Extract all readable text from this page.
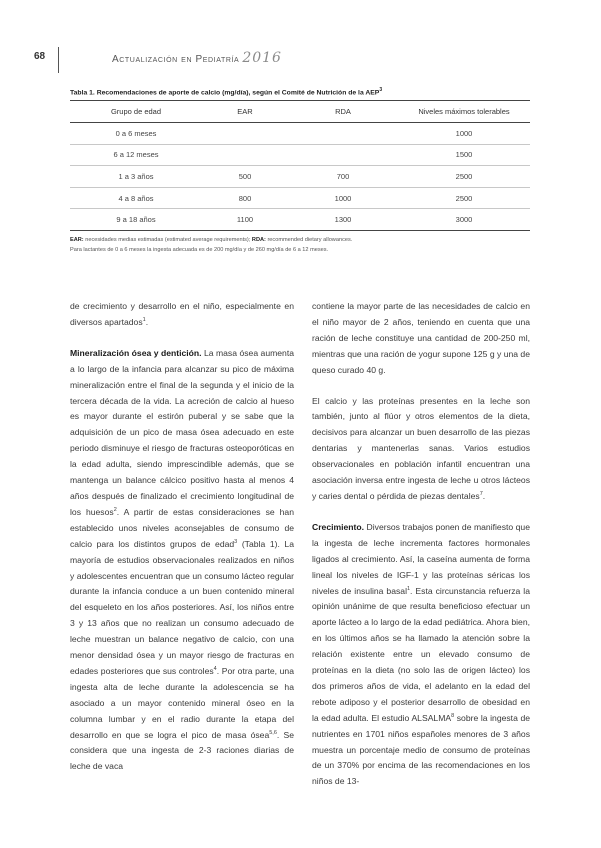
68	Actualización en Pediatría 2016
Tabla 1. Recomendaciones de aporte de calcio (mg/día), según el Comité de Nutrición de la AEP$^3$
Grupo de edad	EAR	RDA	Niveles máximos tolerables
0 a 6 meses			1000
6 a 12 meses			1500
1 a 3 años	500	700	2500
4 a 8 años	800	1000	2500
9 a 18 años	1100	1300	3000
EAR: necesidades medias estimadas (estimated average requirements); RDA: recommended dietary allowances.
Para lactantes de 0 a 6 meses la ingesta adecuada es de 200 mg/día y de 260 mg/día de 6 a 12 meses.

de crecimiento y desarrollo en el niño, especialmente en diversos apartados$^1$.

Mineralización ósea y dentición. La masa ósea aumenta a lo largo de la infancia para alcanzar su pico de máxima mineralización entre el final de la segunda y el inicio de la tercera década de la vida. La acreción de calcio al hueso es mayor durante el estirón puberal y se sabe que la adquisición de un pico de masa ósea adecuado en este periodo disminuye el riesgo de fracturas osteoporóticas en la edad adulta, siendo imprescindible además, que se mantenga un balance cálcico positivo hasta al menos 4 años después de finalizado el crecimiento longitudinal de los huesos$^2$. A partir de estas consideraciones se han establecido unos niveles aconsejables de consumo de calcio para los distintos grupos de edad$^3$ (Tabla 1). La mayoría de estudios observacionales realizados en niños y adolescentes encuentran que un consumo lácteo regular durante la infancia conduce a un buen contenido mineral del esqueleto en los años posteriores. Así, los niños entre 3 y 13 años que no realizan un consumo adecuado de leche muestran un balance negativo de calcio, con una menor densidad ósea y un mayor riesgo de fracturas en edades posteriores que sus controles$^4$. Por otra parte, una ingesta alta de leche durante la adolescencia se ha asociado a un mayor contenido mineral óseo en la columna lumbar y en el radio durante la etapa del desarrollo en que se logra el pico de masa ósea$^{5,6}$. Se considera que una ingesta de 2-3 raciones diarias de leche de vaca

contiene la mayor parte de las necesidades de calcio en el niño mayor de 2 años, teniendo en cuenta que una ración de leche constituye una cantidad de 200-250 ml, mientras que una ración de yogur supone 125 g y una de queso curado 40 g.

El calcio y las proteínas presentes en la leche son también, junto al flúor y otros elementos de la dieta, decisivos para alcanzar un buen desarrollo de las piezas dentarias y mantenerlas sanas. Varios estudios observacionales en población infantil encuentran una asociación inversa entre ingesta de leche u otros lácteos y caries dental o pérdida de piezas dentales$^7$.

Crecimiento. Diversos trabajos ponen de manifiesto que la ingesta de leche incrementa factores hormonales ligados al crecimiento. Así, la caseína aumenta de forma lineal los niveles de IGF-1 y las proteínas séricas los niveles de insulina basal$^1$. Esta circunstancia refuerza la opinión unánime de que resulta beneficioso efectuar un aporte lácteo a lo largo de la edad pediátrica. Ahora bien, en los últimos años se ha llamado la atención sobre la relación existente entre un elevado consumo de proteínas en la dieta (no solo las de origen lácteo) los dos primeros años de vida, el adelanto en la edad del rebote adiposo y el posterior desarrollo de obesidad en la edad adulta. El estudio ALSALMA$^8$ sobre la ingesta de nutrientes en 1701 niños españoles menores de 3 años muestra un porcentaje medio de consumo de proteínas de un 370% por encima de las recomendaciones en los niños de 13-
